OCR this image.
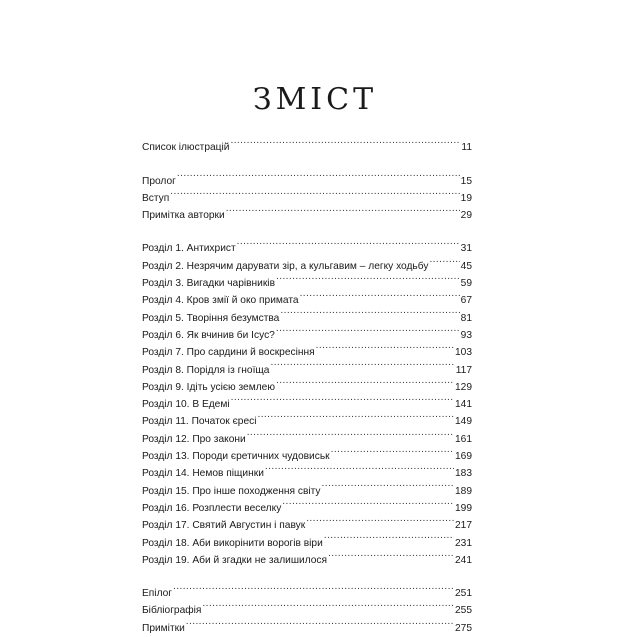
ЗМІСТ
Список ілюстрацій .....	11
Пролог .....	15
Вступ .....	19
Примітка авторки .....	29
Розділ 1. Антихрист .....	31
Розділ 2. Незрячим дарувати зір, а кульгавим – легку ходьбу .....	45
Розділ 3. Вигадки чарівників .....	59
Розділ 4. Кров змії й око примата .....	67
Розділ 5. Творіння безумства .....	81
Розділ 6. Як вчинив би Ісус? .....	93
Розділ 7. Про сардини й воскресіння .....	103
Розділ 8. Порідля із гноїща .....	117
Розділ 9. Ідіть усією землею .....	129
Розділ 10. В Едемі .....	141
Розділ 11. Початок єресі .....	149
Розділ 12. Про закони .....	161
Розділ 13. Породи єретичних чудовиськ .....	169
Розділ 14. Немов піщинки .....	183
Розділ 15. Про інше походження світу .....	189
Розділ 16. Розплести веселку .....	199
Розділ 17. Святий Августин і павук .....	217
Розділ 18. Аби викорінити ворогів віри .....	231
Розділ 19. Аби й згадки не залишилося .....	241
Епілог .....	251
Бібліографія .....	255
Примітки .....	275
